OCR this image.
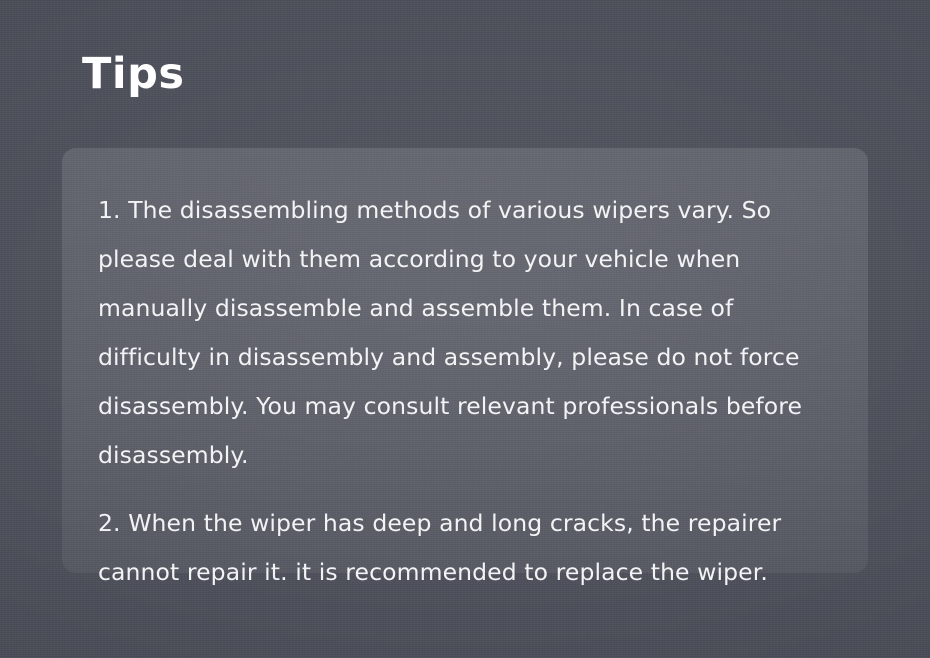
Tips

1. The disassembling methods of various wipers vary. So please deal with them according to your vehicle when manually disassemble and assemble them. In case of difficulty in disassembly and assembly, please do not force disassembly. You may consult relevant professionals before disassembly.

2. When the wiper has deep and long cracks, the repairer cannot repair it. it is recommended to replace the wiper.
